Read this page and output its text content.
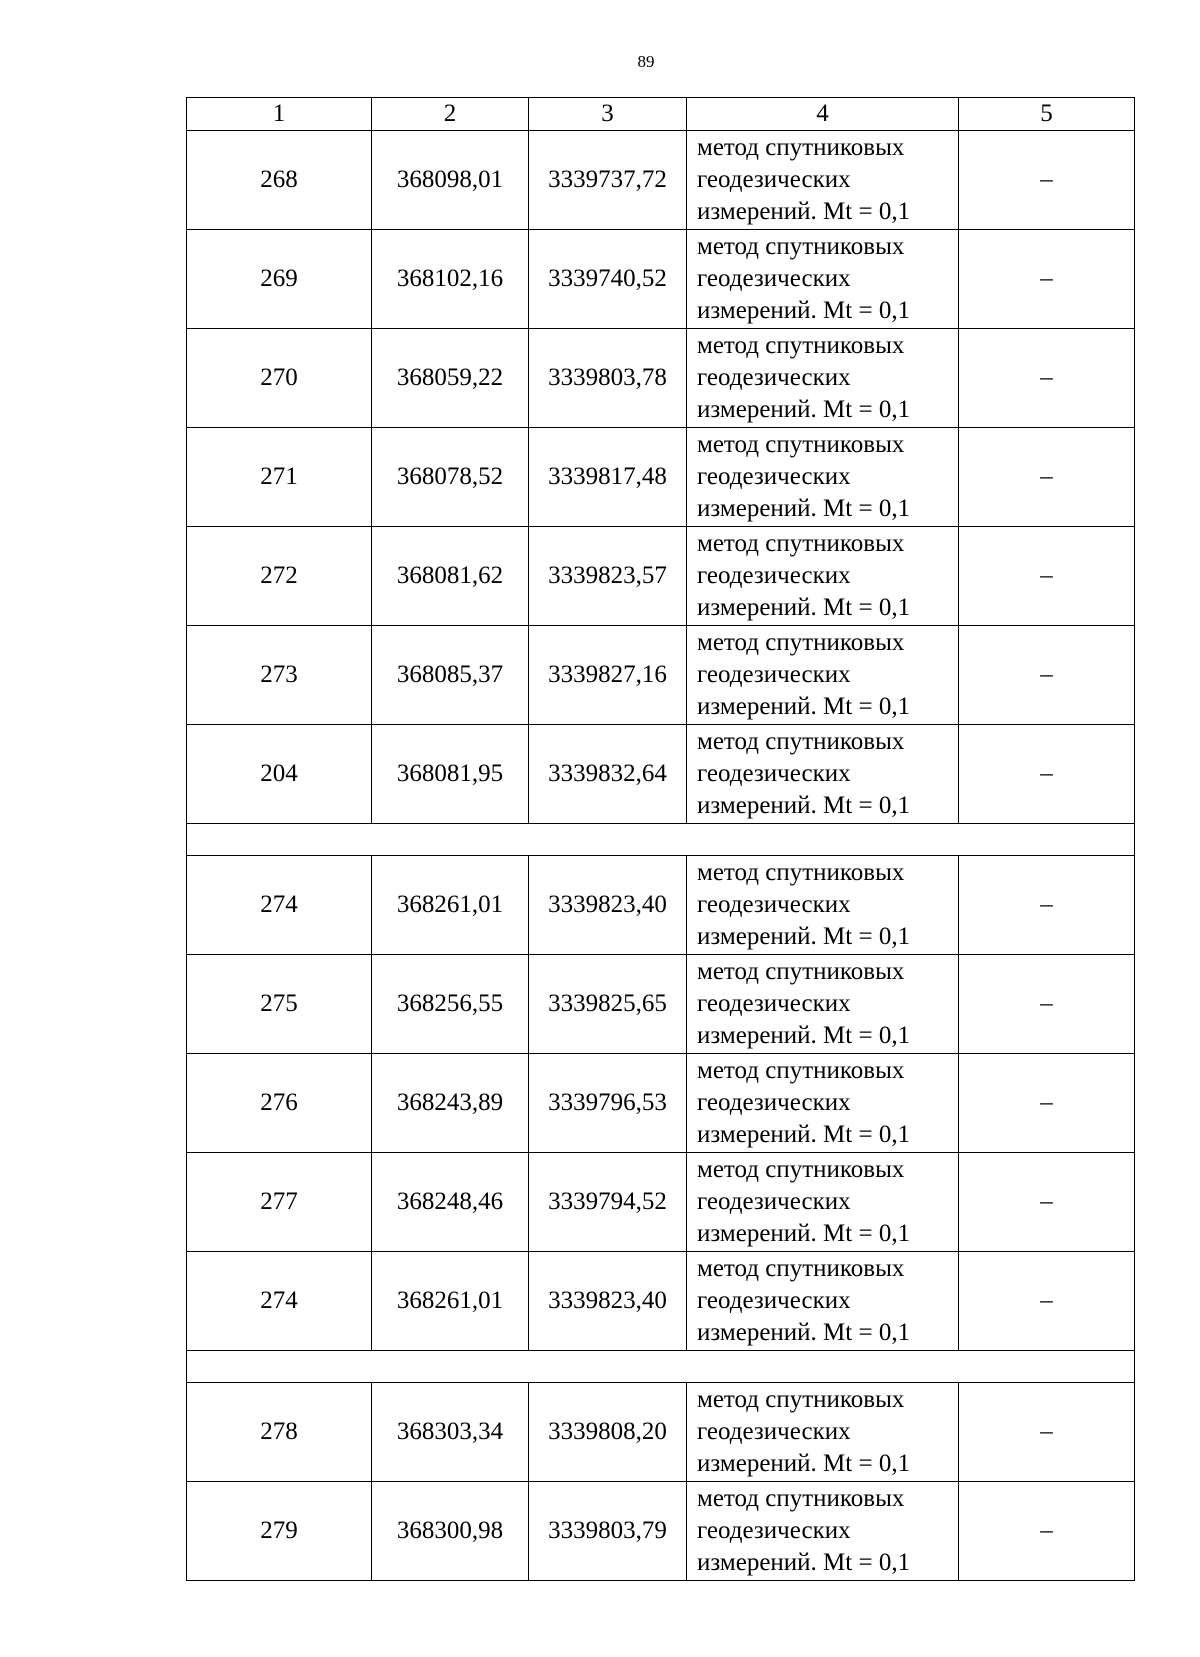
89
1	2	3	4	5
268	368098,01	3339737,72	метод спутниковых
геодезических
измерений. Mt = 0,1	–
269	368102,16	3339740,52	метод спутниковых
геодезических
измерений. Mt = 0,1	–
270	368059,22	3339803,78	метод спутниковых
геодезических
измерений. Mt = 0,1	–
271	368078,52	3339817,48	метод спутниковых
геодезических
измерений. Mt = 0,1	–
272	368081,62	3339823,57	метод спутниковых
геодезических
измерений. Mt = 0,1	–
273	368085,37	3339827,16	метод спутниковых
геодезических
измерений. Mt = 0,1	–
204	368081,95	3339832,64	метод спутниковых
геодезических
измерений. Mt = 0,1	–

274	368261,01	3339823,40	метод спутниковых
геодезических
измерений. Mt = 0,1	–
275	368256,55	3339825,65	метод спутниковых
геодезических
измерений. Mt = 0,1	–
276	368243,89	3339796,53	метод спутниковых
геодезических
измерений. Mt = 0,1	–
277	368248,46	3339794,52	метод спутниковых
геодезических
измерений. Mt = 0,1	–
274	368261,01	3339823,40	метод спутниковых
геодезических
измерений. Mt = 0,1	–

278	368303,34	3339808,20	метод спутниковых
геодезических
измерений. Mt = 0,1	–
279	368300,98	3339803,79	метод спутниковых
геодезических
измерений. Mt = 0,1	–
